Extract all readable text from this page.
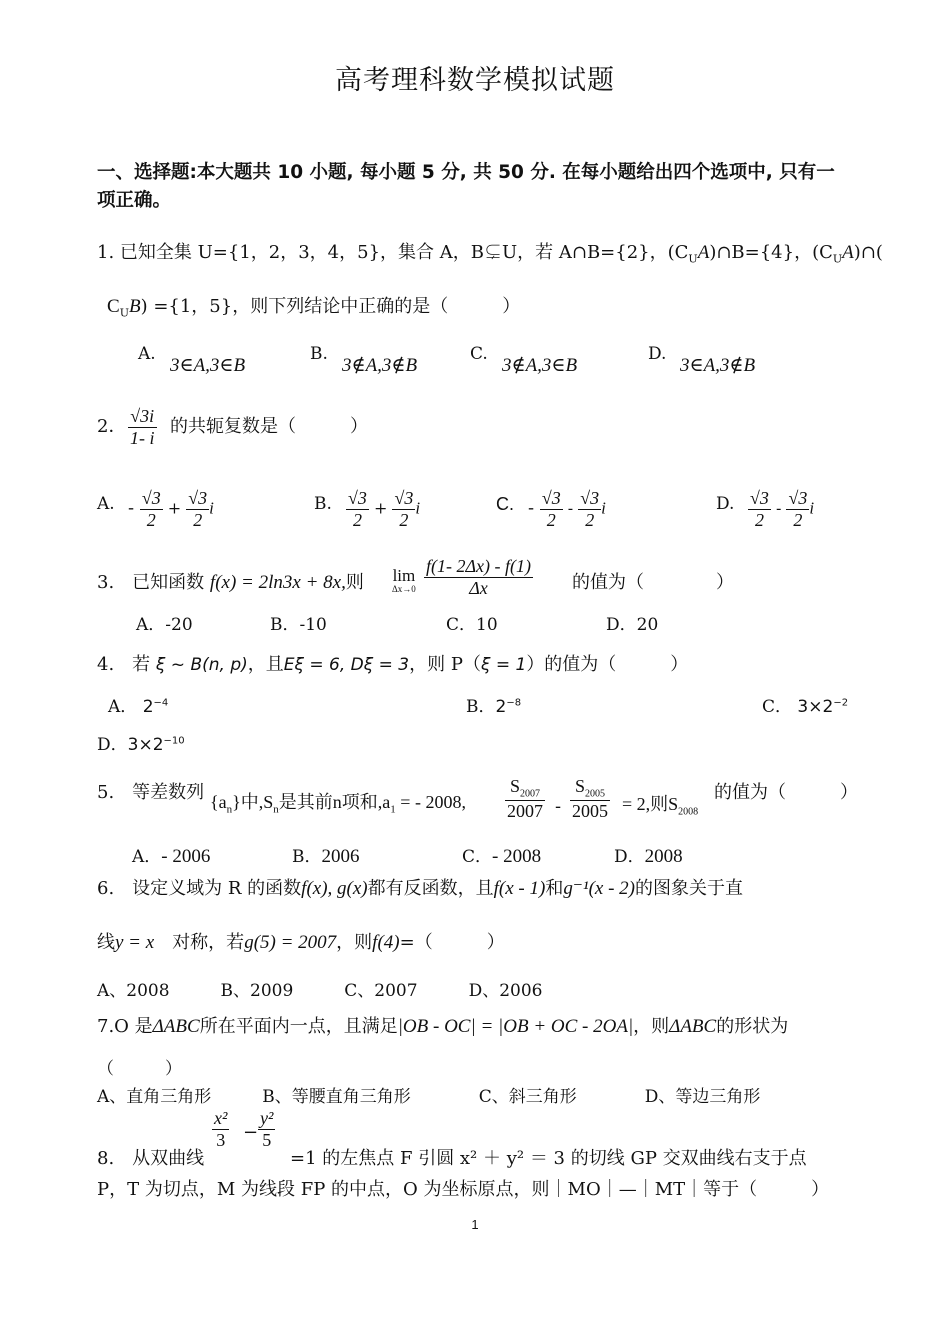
高考理科数学模拟试题
一、选择题:本大题共 10 小题, 每小题 5 分, 共 50 分. 在每小题给出四个选项中, 只有一
项正确。
1. 已知全集 U={1，2，3，4，5}，集合 A，B⊊U，若 A∩B={2}，$(C_UA)\cap B=\{4\}$，$(C_UA)\cap$(
$C_UB) =\{1$，5}，则下列结论中正确的是（　　　）
A.
3∈A,3∈B
B.
3∉A,3∉B
C.
3∉A,3∈B
D.
3∈A,3∉B
2． $\frac{√3i}{1- i}$ 的共轭复数是（　　　）
A. - $\frac{√3}{2} + \frac{√3}{2}$ i	B. $\frac{√3}{2} + \frac{√3}{2}$ i	C. - $\frac{√3}{2} - \frac{√3}{2}$ i	D. $\frac{√3}{2} - \frac{√3}{2}$ i
3.　已知函数 f(x) = 2ln3x + 8x,则 lim
$\Delta x\to 0 \frac{f(1- 2\Delta x) - f(1)}{\Delta x}$ 的值为（　　　　）
A．-20	B．-10	C．10	D．20
4.　若 ξ ~ B(n, p)，且Eξ = 6, Dξ = 3，则 P（ξ = 1）的值为（　　　）
A． $2^{-4}$	B．$2^{-8}$	C． $3\times 2^{-2}$
D．$3\times 2^{-10}$
5.　等差数列 $\{a_n\}$中$,S_n$是其前n项和$,a_1$ = - 2008, $\frac{S_{2007}}{2007} - \frac{S_{2005}}{2005} = 2$,则$S_{2008}$
的值为（　　　）
A．- 2006	B．2006	C．- 2008	D．2008
6.　设定义域为 R 的函数f(x), g(x)都有反函数，且f(x - 1)和g⁻¹(x - 2)的图象关于直
线y = x　 对称，若g(5) = 2007，则f(4)=（　　　）
A、2008　　　B、2009　　　C、2007　　　D、2006
7.O 是ΔABC所在平面内一点，且满足|OB - OC| = |OB + OC - 2OA|，则ΔABC的形状为
（　　　）
A、直角三角形　　　B、等腰直角三角形　　　　C、斜三角形　　　　D、等边三角形
8.　从双曲线
$\frac{\text{x²}}{3} - \frac{\text{y²}}{5}$
=1 的左焦点 F 引圆 x² ＋ y² ＝ 3 的切线 GP 交双曲线右支于点
P，T 为切点，M 为线段 FP 的中点，O 为坐标原点，则｜MO｜—｜MT｜等于（　　　）
1
